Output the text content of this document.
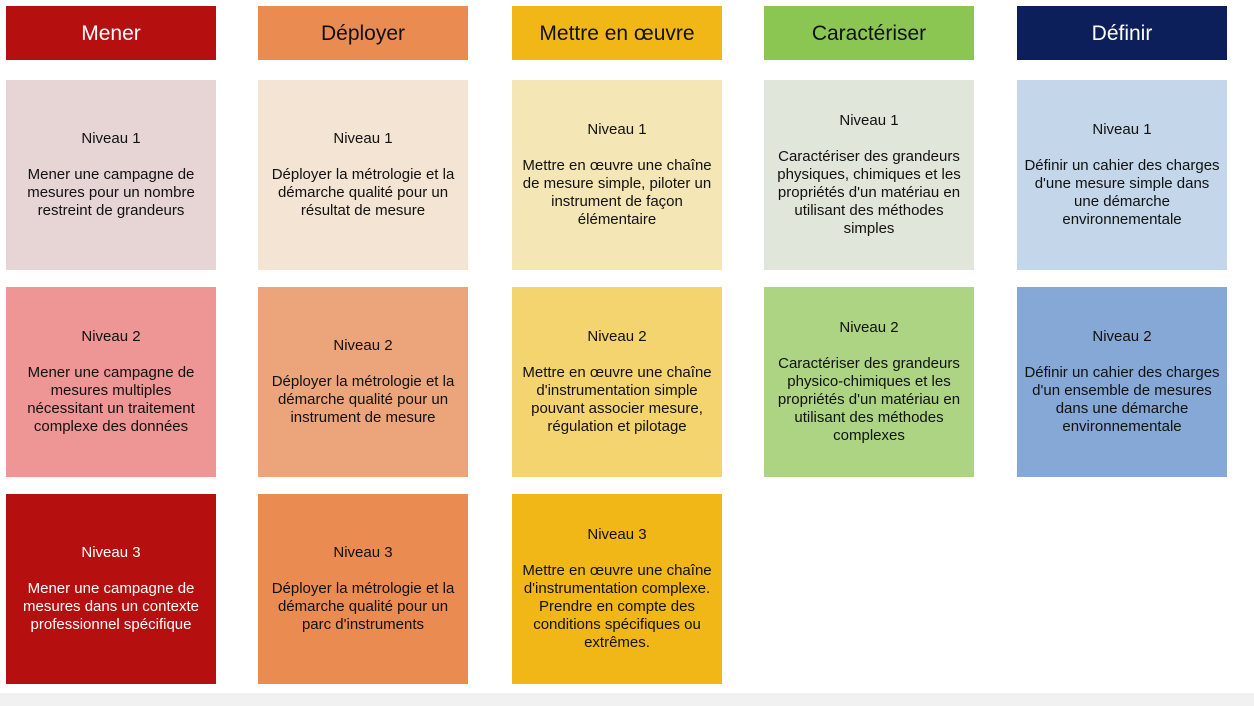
Mener
Niveau 1
Mener une campagne de mesures pour un nombre restreint de grandeurs
Niveau 2
Mener une campagne de mesures multiples nécessitant un traitement complexe des données
Niveau 3
Mener une campagne de mesures dans un contexte professionnel spécifique
Déployer
Niveau 1
Déployer la métrologie et la démarche qualité pour un résultat de mesure
Niveau 2
Déployer la métrologie et la démarche qualité pour un instrument de mesure
Niveau 3
Déployer la métrologie et la démarche qualité pour un parc d'instruments
Mettre en œuvre
Niveau 1
Mettre en œuvre une chaîne de mesure simple, piloter un instrument de façon élémentaire
Niveau 2
Mettre en œuvre une chaîne d'instrumentation simple pouvant associer mesure, régulation et pilotage
Niveau 3
Mettre en œuvre une chaîne d'instrumentation complexe. Prendre en compte des conditions spécifiques ou extrêmes.
Caractériser
Niveau 1
Caractériser des grandeurs physiques, chimiques et les propriétés d'un matériau en utilisant des méthodes simples
Niveau 2
Caractériser des grandeurs physico-chimiques et les propriétés d'un matériau en utilisant des méthodes complexes
Définir
Niveau 1
Définir un cahier des charges d'une mesure simple dans une démarche environnementale
Niveau 2
Définir un cahier des charges d'un ensemble de mesures dans une démarche environnementale
